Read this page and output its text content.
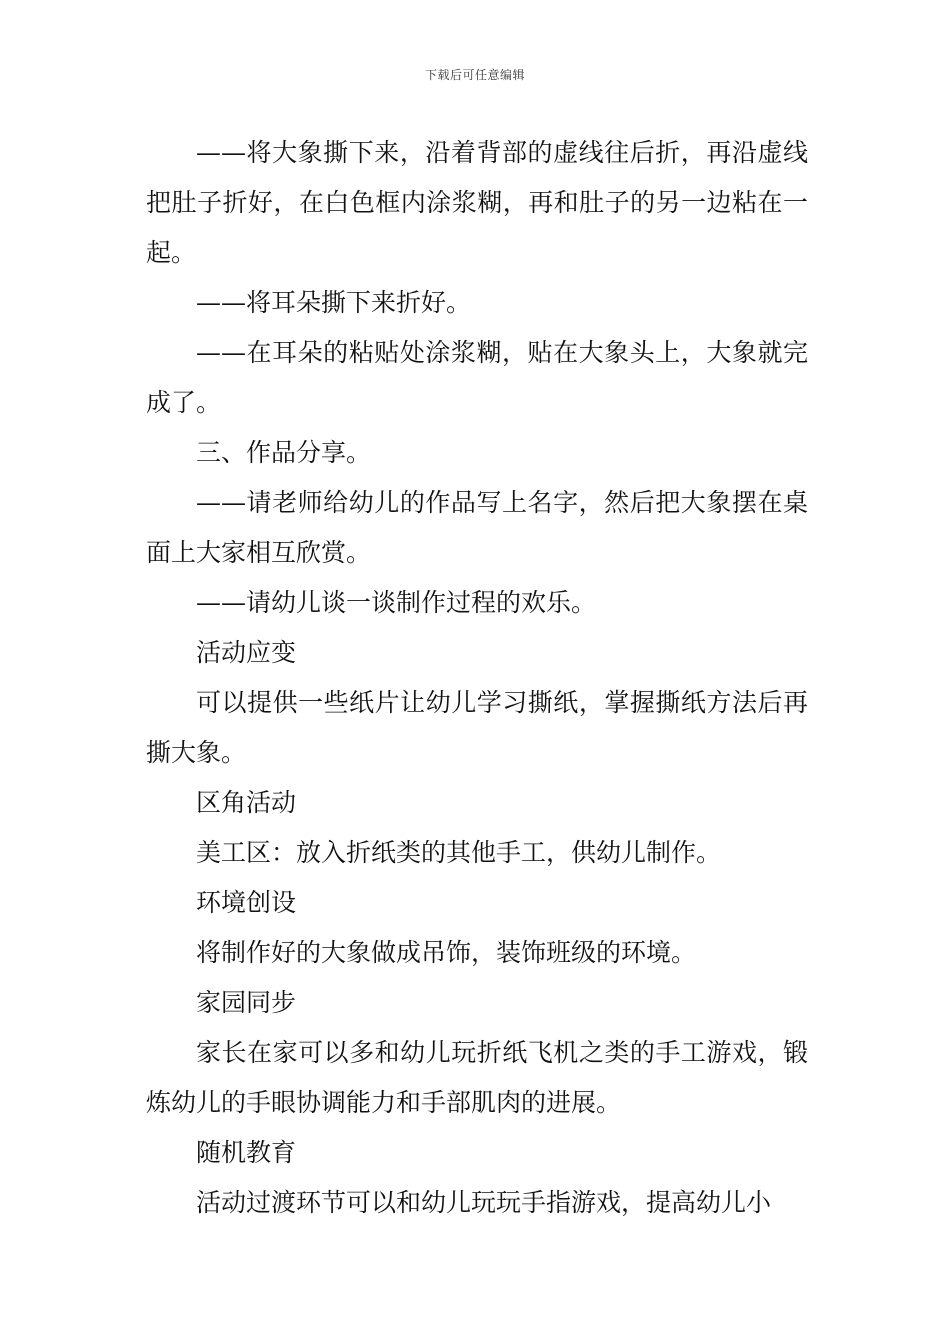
下载后可任意编辑

——将大象撕下来，沿着背部的虚线往后折，再沿虚线把肚子折好，在白色框内涂浆糊，再和肚子的另一边粘在一起。

——将耳朵撕下来折好。

——在耳朵的粘贴处涂浆糊，贴在大象头上，大象就完成了。

三、作品分享。

——请老师给幼儿的作品写上名字，然后把大象摆在桌面上大家相互欣赏。

——请幼儿谈一谈制作过程的欢乐。

活动应变

可以提供一些纸片让幼儿学习撕纸，掌握撕纸方法后再撕大象。

区角活动

美工区：放入折纸类的其他手工，供幼儿制作。

环境创设

将制作好的大象做成吊饰，装饰班级的环境。

家园同步

家长在家可以多和幼儿玩折纸飞机之类的手工游戏，锻炼幼儿的手眼协调能力和手部肌肉的进展。

随机教育

活动过渡环节可以和幼儿玩玩手指游戏，提高幼儿小
